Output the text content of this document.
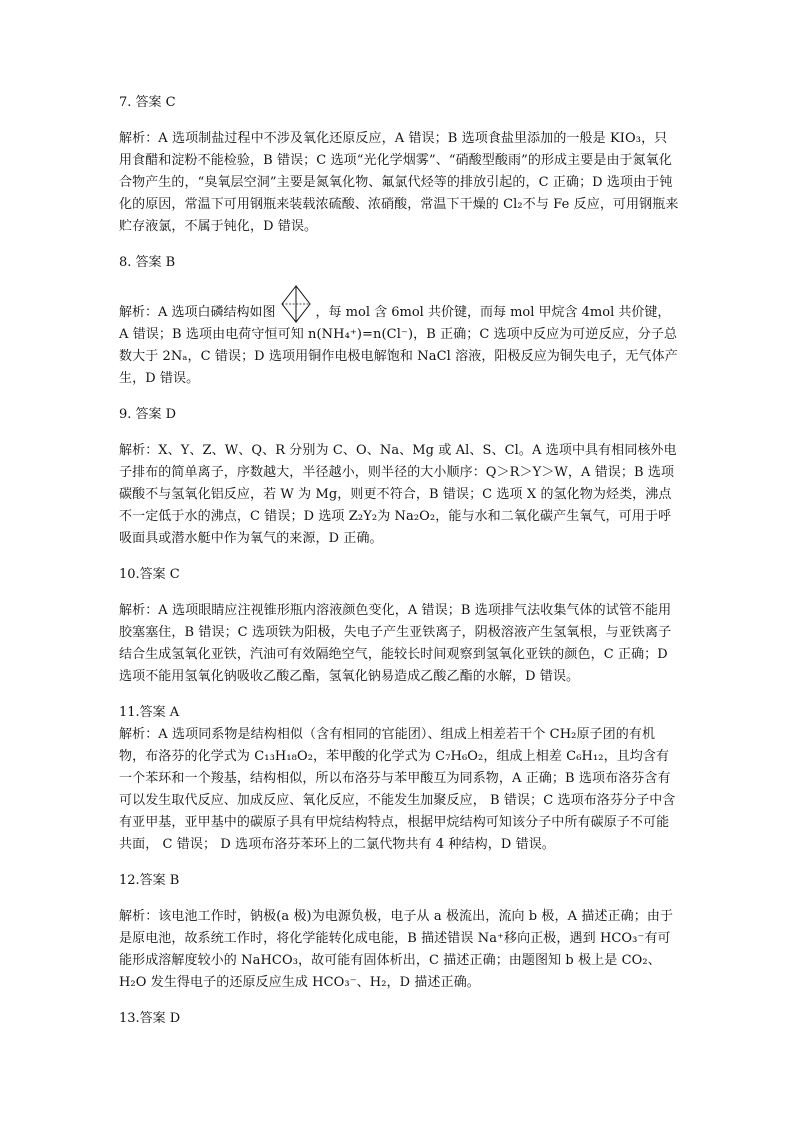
7. 答案 C
解析：A 选项制盐过程中不涉及氧化还原反应，A 错误；B 选项食盐里添加的一般是 KIO₃，只用食醋和淀粉不能检验，B 错误；C 选项“光化学烟雾”、“硝酸型酸雨”的形成主要是由于氮氧化合物产生的，“臭氧层空洞”主要是氮氧化物、氟氯代烃等的排放引起的，C 正确；D 选项由于钝化的原因，常温下可用钢瓶来装载浓硫酸、浓硝酸，常温下干燥的 Cl₂不与 Fe 反应，可用钢瓶来贮存液氯，不属于钝化，D 错误。
8. 答案 B
解析：A 选项白磷结构如图	，每 mol 含 6mol 共价键，而每 mol 甲烷含 4mol 共价键，
A 错误；B 选项由电荷守恒可知 n(NH₄⁺)=n(Cl⁻)，B 正确；C 选项中反应为可逆反应，分子总数大于 2Nₐ，C 错误；D 选项用铜作电极电解饱和 NaCl 溶液，阳极反应为铜失电子，无气体产生，D 错误。
9. 答案 D
解析：X、Y、Z、W、Q、R 分别为 C、O、Na、Mg 或 Al、S、Cl。A 选项中具有相同核外电子排布的简单离子，序数越大，半径越小，则半径的大小顺序：Q＞R＞Y＞W，A 错误；B 选项碳酸不与氢氧化铝反应，若 W 为 Mg，则更不符合，B 错误；C 选项 X 的氢化物为烃类，沸点不一定低于水的沸点，C 错误；D 选项 Z₂Y₂为 Na₂O₂，能与水和二氧化碳产生氧气，可用于呼吸面具或潜水艇中作为氧气的来源，D 正确。
10.答案 C
解析：A 选项眼睛应注视锥形瓶内溶液颜色变化，A 错误；B 选项排气法收集气体的试管不能用胶塞塞住，B 错误；C 选项铁为阳极，失电子产生亚铁离子，阴极溶液产生氢氧根，与亚铁离子结合生成氢氧化亚铁，汽油可有效隔绝空气，能较长时间观察到氢氧化亚铁的颜色，C 正确；D 选项不能用氢氧化钠吸收乙酸乙酯，氢氧化钠易造成乙酸乙酯的水解，D 错误。
11.答案 A
解析：A 选项同系物是结构相似（含有相同的官能团）、组成上相差若干个 CH₂原子团的有机物，布洛芬的化学式为 C₁₃H₁₈O₂，苯甲酸的化学式为 C₇H₆O₂，组成上相差 C₆H₁₂，且均含有一个苯环和一个羧基，结构相似，所以布洛芬与苯甲酸互为同系物，A 正确；B 选项布洛芬含有可以发生取代反应、加成反应、氧化反应，不能发生加聚反应， B 错误；C 选项布洛芬分子中含有亚甲基，亚甲基中的碳原子具有甲烷结构特点，根据甲烷结构可知该分子中所有碳原子不可能共面， C 错误； D 选项布洛芬苯环上的二氯代物共有 4 种结构，D 错误。
12.答案 B
解析：该电池工作时，钠极(a 极)为电源负极，电子从 a 极流出，流向 b 极，A 描述正确；由于是原电池，故系统工作时，将化学能转化成电能，B 描述错误 Na⁺移向正极，遇到 HCO₃⁻有可能形成溶解度较小的 NaHCO₃，故可能有固体析出，C 描述正确；由题图知 b 极上是 CO₂、H₂O 发生得电子的还原反应生成 HCO₃⁻、H₂，D 描述正确。
13.答案 D
